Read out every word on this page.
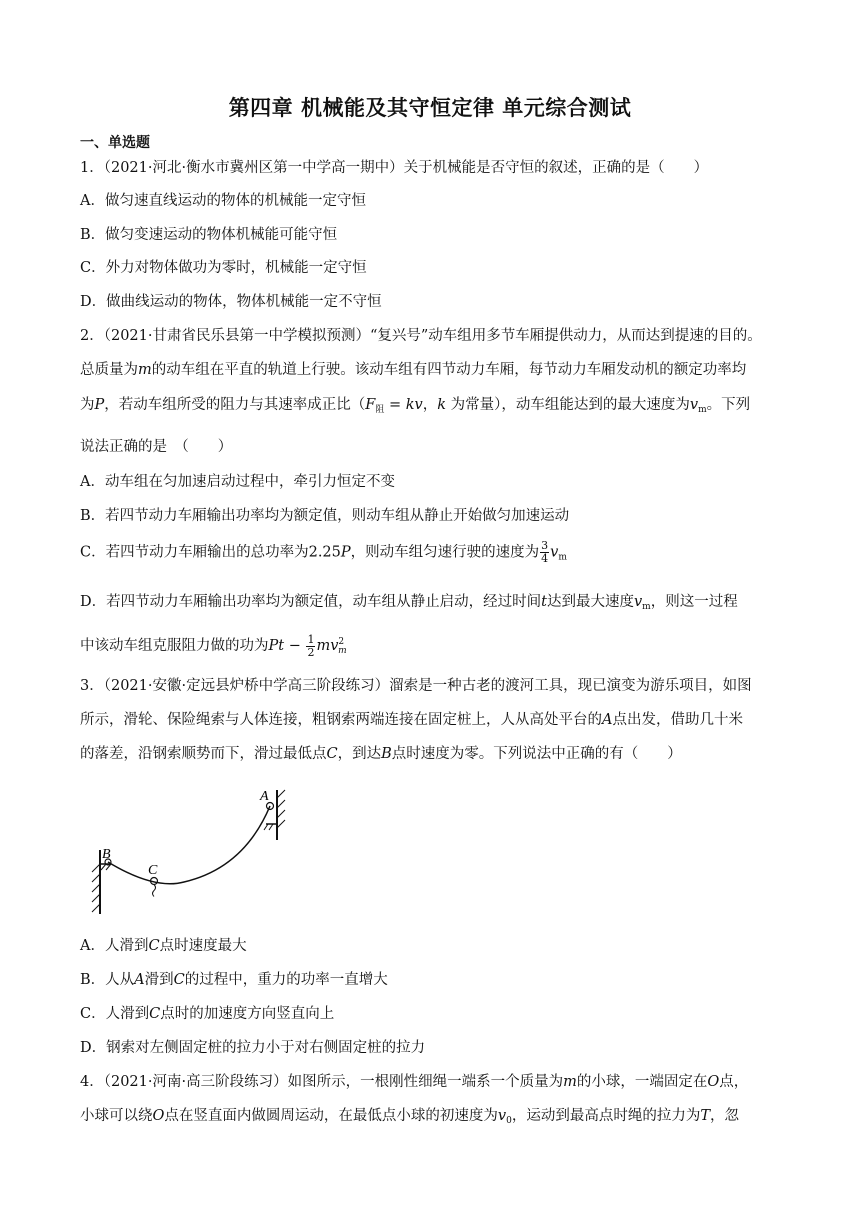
第四章 机械能及其守恒定律 单元综合测试
一、单选题
1．（2021·河北·衡水市冀州区第一中学高一期中）关于机械能是否守恒的叙述，正确的是（　　）
A．做匀速直线运动的物体的机械能一定守恒
B．做匀变速运动的物体机械能可能守恒
C．外力对物体做功为零时，机械能一定守恒
D．做曲线运动的物体，物体机械能一定不守恒
2．（2021·甘肃省民乐县第一中学模拟预测）“复兴号”动车组用多节车厢提供动力，从而达到提速的目的。
总质量为m的动车组在平直的轨道上行驶。该动车组有四节动力车厢，每节动力车厢发动机的额定功率均
为P，若动车组所受的阻力与其速率成正比（$F_阻$ = kv，k 为常量），动车组能达到的最大速度为$v_m$。下列
说法正确的是　（　　）
A．动车组在匀加速启动过程中，牵引力恒定不变
B．若四节动力车厢输出功率均为额定值，则动车组从静止开始做匀加速运动
C．若四节动力车厢输出的总功率为2.25P，则动车组匀速行驶的速度为 $\frac{3}{4} v_m$
D．若四节动力车厢输出功率均为额定值，动车组从静止启动，经过时间t达到最大速度$v_m$，则这一过程
中该动车组克服阻力做的功为$Pt - \frac{1}{2} mv^2_m$
3．（2021·安徽·定远县炉桥中学高三阶段练习）溜索是一种古老的渡河工具，现已演变为游乐项目，如图
所示，滑轮、保险绳索与人体连接，粗钢索两端连接在固定桩上，人从高处平台的A点出发，借助几十米
的落差，沿钢索顺势而下，滑过最低点C，到达B点时速度为零。下列说法中正确的有（　　）
A
B
C
A．人滑到C点时速度最大
B．人从A滑到C的过程中，重力的功率一直增大
C．人滑到C点时的加速度方向竖直向上
D．钢索对左侧固定桩的拉力小于对右侧固定桩的拉力
4．（2021·河南·高三阶段练习）如图所示，一根刚性细绳一端系一个质量为m的小球，一端固定在O点，
小球可以绕O点在竖直面内做圆周运动，在最低点小球的初速度为$v_0$，运动到最高点时绳的拉力为T，忽
